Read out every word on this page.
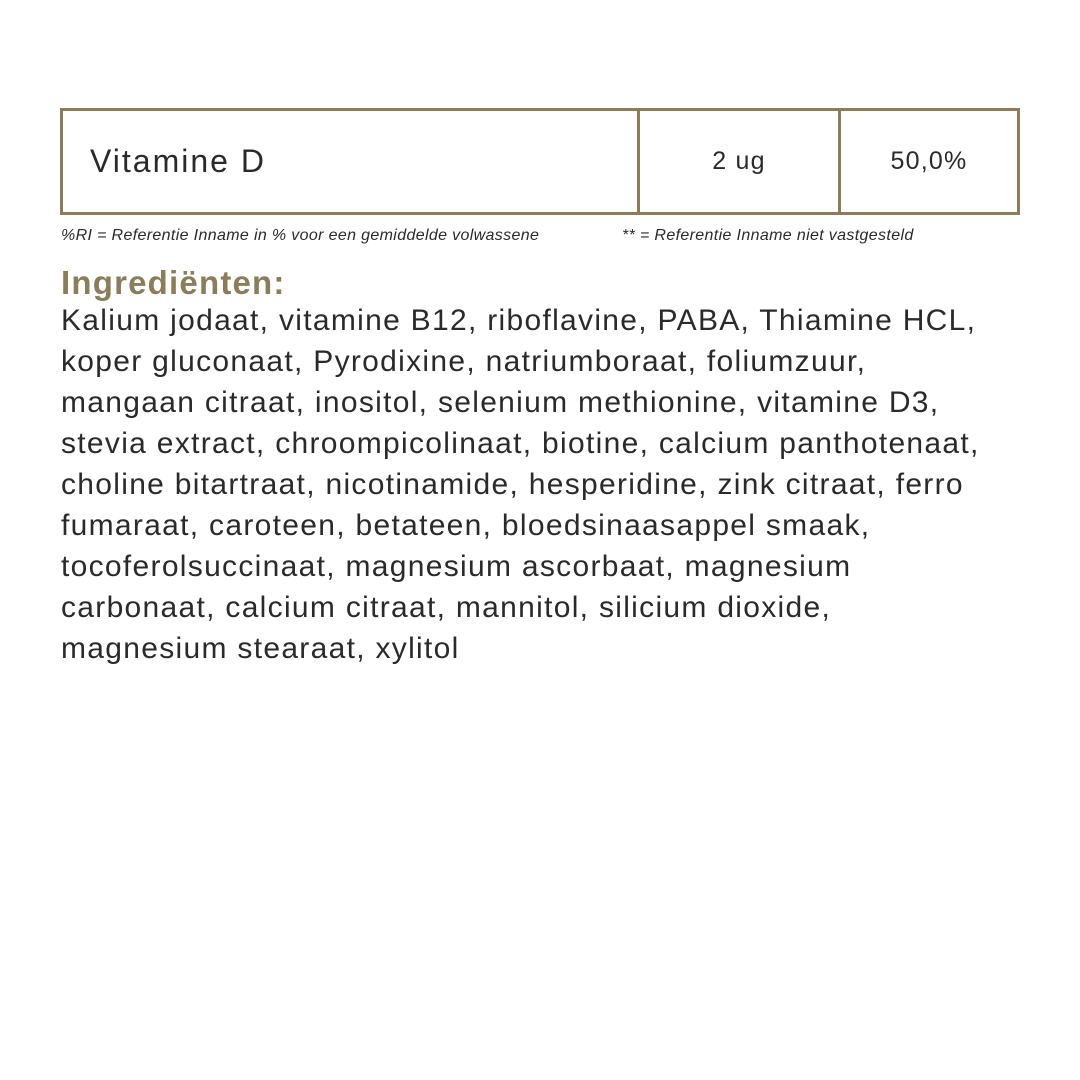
Vitamine D	2 ug	50,0%
%RI = Referentie Inname in % voor een gemiddelde volwassene	** = Referentie Inname niet vastgesteld
Ingrediënten:
Kalium jodaat, vitamine B12, riboflavine, PABA, Thiamine HCL,
koper gluconaat, Pyrodixine, natriumboraat, foliumzuur,
mangaan citraat, inositol, selenium methionine, vitamine D3,
stevia extract, chroompicolinaat, biotine, calcium panthotenaat,
choline bitartraat, nicotinamide, hesperidine, zink citraat, ferro
fumaraat, caroteen, betateen, bloedsinaasappel smaak,
tocoferolsuccinaat, magnesium ascorbaat, magnesium
carbonaat, calcium citraat, mannitol, silicium dioxide,
magnesium stearaat, xylitol
